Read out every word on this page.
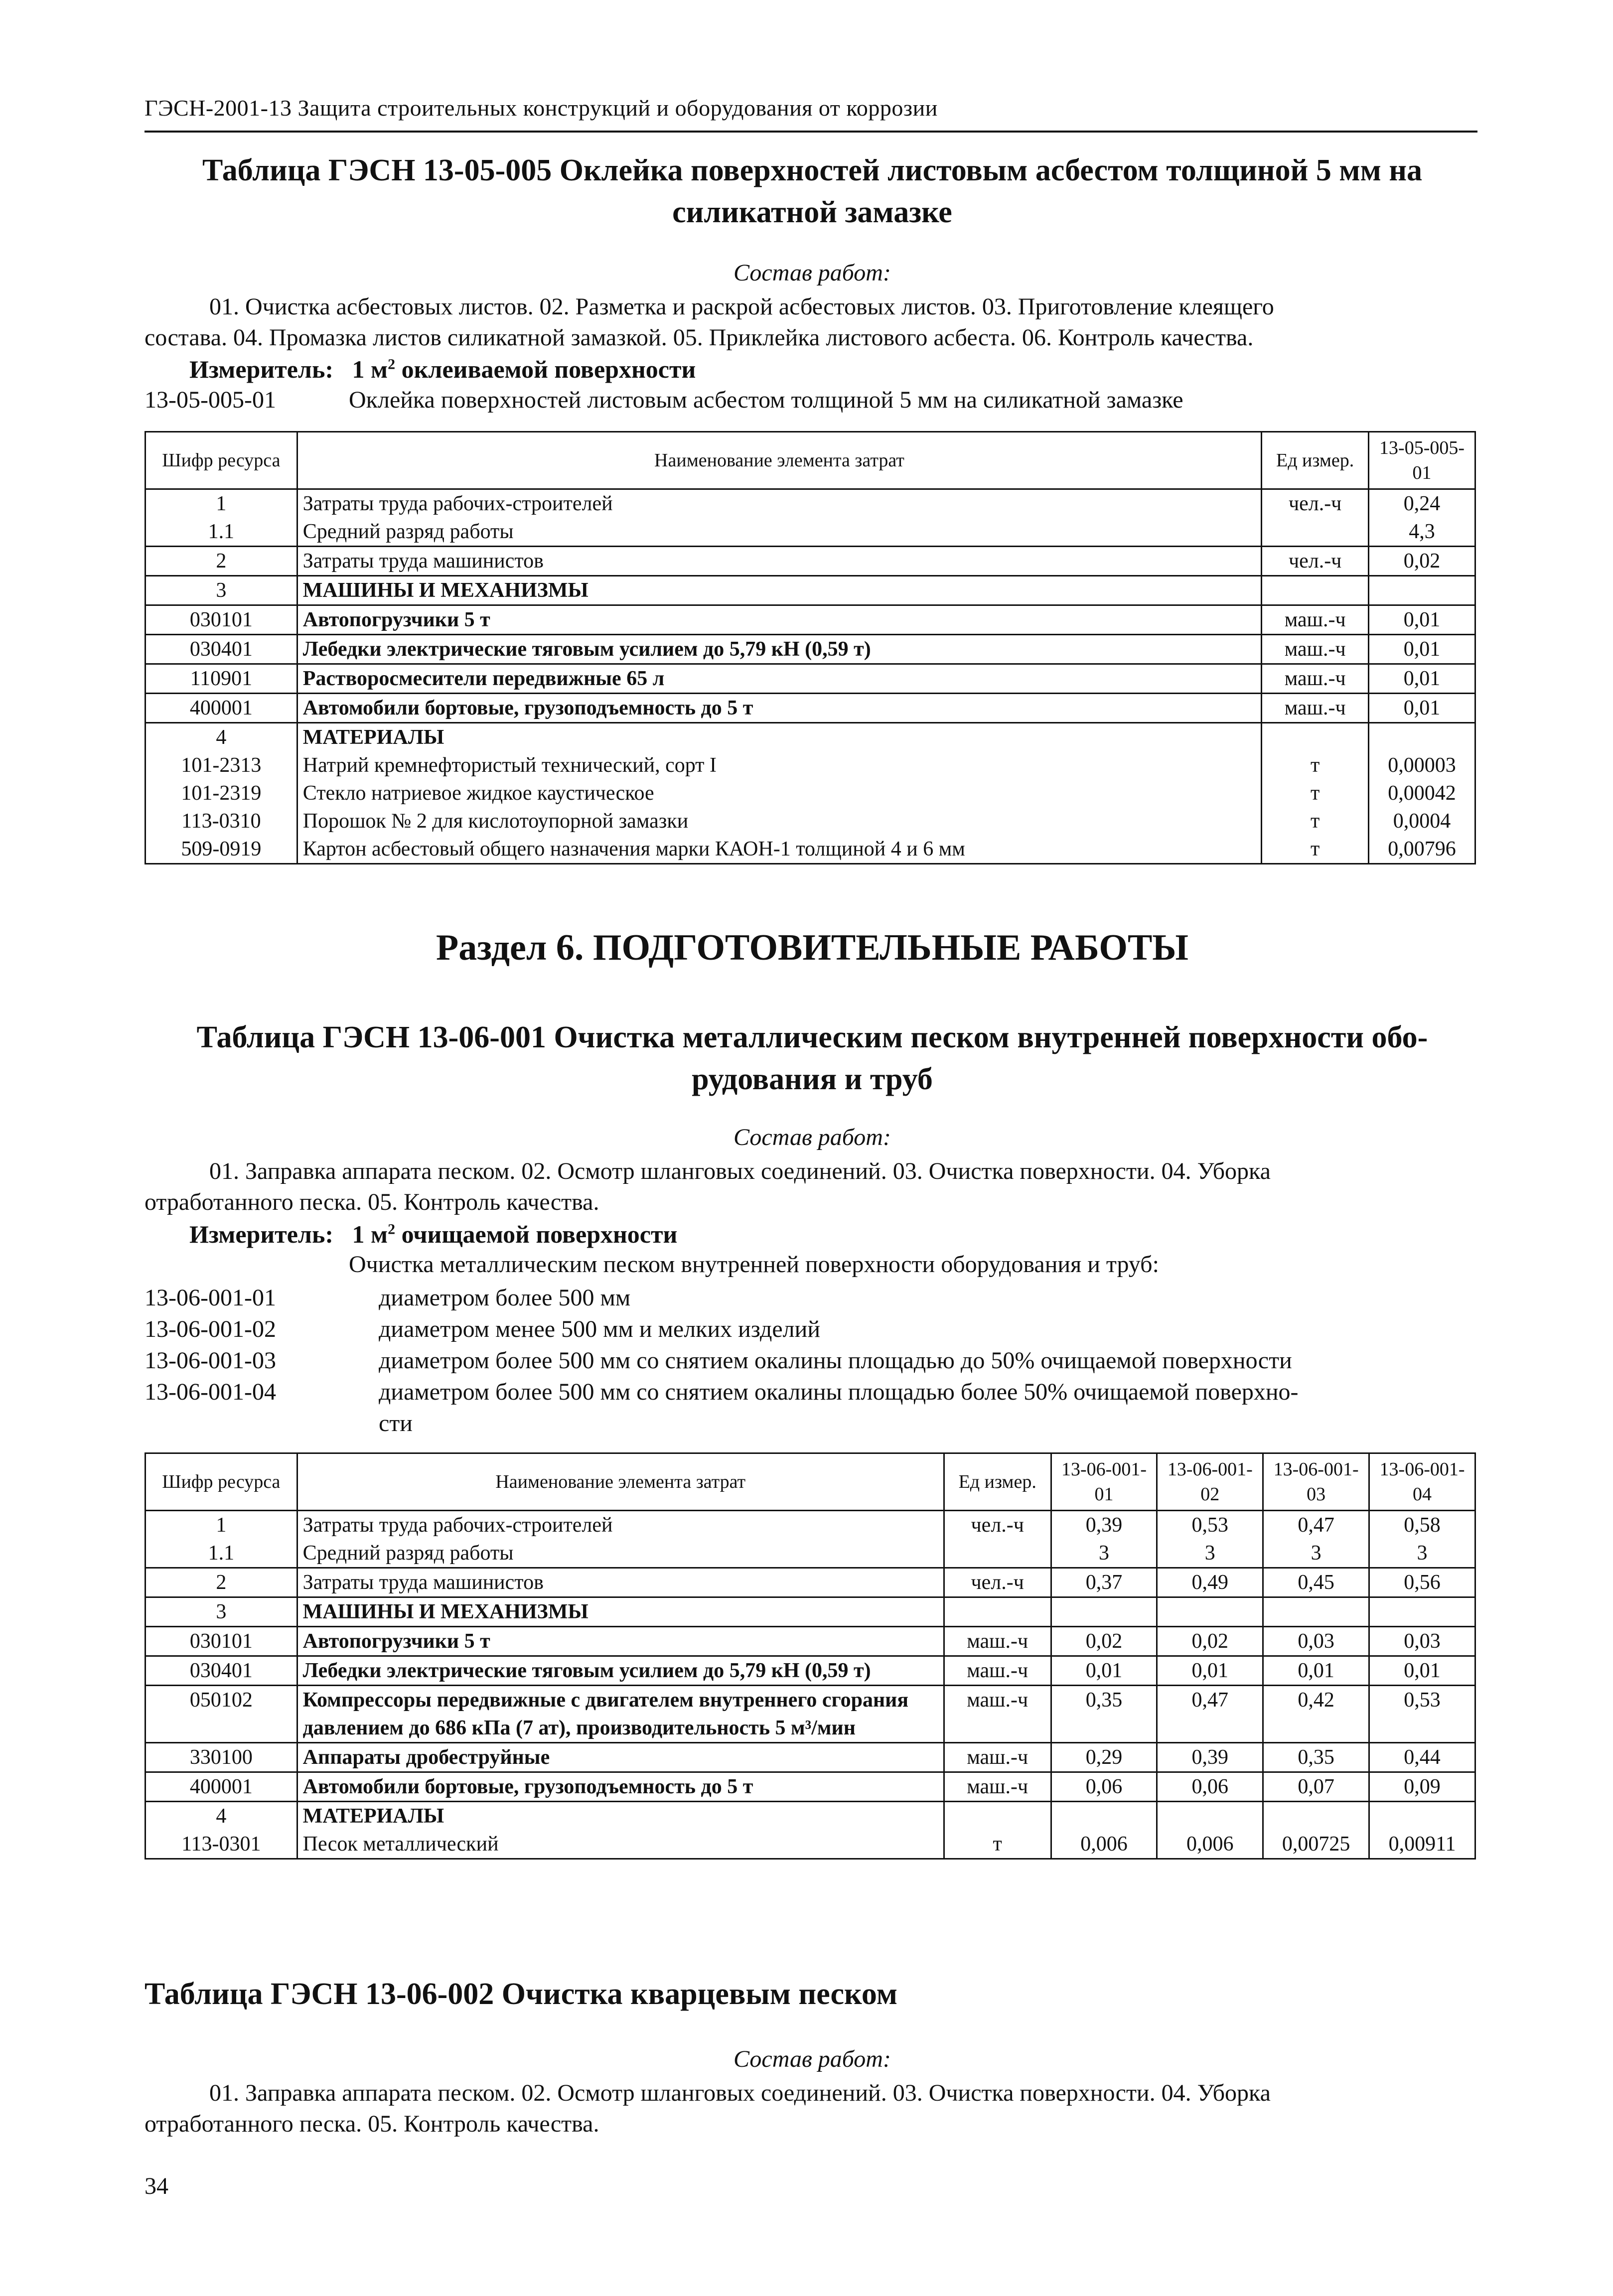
ГЭСН-2001-13 Защита строительных конструкций и оборудования от коррозии
Таблица ГЭСН 13-05-005 Оклейка поверхностей листовым асбестом толщиной 5 мм на
силикатной замазке
Состав работ:
01. Очистка асбестовых листов. 02. Разметка и раскрой асбестовых листов. 03. Приготовление клеящего
состава. 04. Промазка листов силикатной замазкой. 05. Приклейка листового асбеста. 06. Контроль качества.
Измеритель: 1 $м^2$ оклеиваемой поверхности
13-05-005-01	Оклейка поверхностей листовым асбестом толщиной 5 мм на силикатной замазке
Шифр ресурса	Наименование элемента затрат	Ед измер.	13-05-005-01
1	Затраты труда рабочих-строителей	чел.-ч	0,24
1.1	Средний разряд работы		4,3
2	Затраты труда машинистов	чел.-ч	0,02
3	МАШИНЫ И МЕХАНИЗМЫ		
030101	Автопогрузчики 5 т	маш.-ч	0,01
030401	Лебедки электрические тяговым усилием до 5,79 кН (0,59 т)	маш.-ч	0,01
110901	Растворосмесители передвижные 65 л	маш.-ч	0,01
400001	Автомобили бортовые, грузоподъемность до 5 т	маш.-ч	0,01
4	МАТЕРИАЛЫ		
101-2313	Натрий кремнефтористый технический, сорт I	т	0,00003
101-2319	Стекло натриевое жидкое каустическое	т	0,00042
113-0310	Порошок № 2 для кислотоупорной замазки	т	0,0004
509-0919	Картон асбестовый общего назначения марки КАОН-1 толщиной 4 и 6 мм	т	0,00796
Раздел 6. ПОДГОТОВИТЕЛЬНЫЕ РАБОТЫ
Таблица ГЭСН 13-06-001 Очистка металлическим песком внутренней поверхности обо-
рудования и труб
Состав работ:
01. Заправка аппарата песком. 02. Осмотр шланговых соединений. 03. Очистка поверхности. 04. Уборка
отработанного песка. 05. Контроль качества.
Измеритель: 1 $м^2$ очищаемой поверхности
Очистка металлическим песком внутренней поверхности оборудования и труб:
13-06-001-01	диаметром более 500 мм
13-06-001-02	диаметром менее 500 мм и мелких изделий
13-06-001-03	диаметром более 500 мм со снятием окалины площадью до 50% очищаемой поверхности
13-06-001-04	диаметром более 500 мм со снятием окалины площадью более 50% очищаемой поверхно-
сти
Шифр ресурса	Наименование элемента затрат	Ед измер.	13-06-001-01	13-06-001-02	13-06-001-03	13-06-001-04
1	Затраты труда рабочих-строителей	чел.-ч	0,39	0,53	0,47	0,58
1.1	Средний разряд работы		3	3	3	3
2	Затраты труда машинистов	чел.-ч	0,37	0,49	0,45	0,56
3	МАШИНЫ И МЕХАНИЗМЫ					
030101	Автопогрузчики 5 т	маш.-ч	0,02	0,02	0,03	0,03
030401	Лебедки электрические тяговым усилием до 5,79 кН (0,59 т)	маш.-ч	0,01	0,01	0,01	0,01
050102	Компрессоры передвижные с двигателем внутреннего сгорания давлением до 686 кПа (7 ат), производительность 5 м³/мин	маш.-ч	0,35	0,47	0,42	0,53
330100	Аппараты дробеструйные	маш.-ч	0,29	0,39	0,35	0,44
400001	Автомобили бортовые, грузоподъемность до 5 т	маш.-ч	0,06	0,06	0,07	0,09
4	МАТЕРИАЛЫ					
113-0301	Песок металлический	т	0,006	0,006	0,00725	0,00911
Таблица ГЭСН 13-06-002 Очистка кварцевым песком
Состав работ:
01. Заправка аппарата песком. 02. Осмотр шланговых соединений. 03. Очистка поверхности. 04. Уборка
отработанного песка. 05. Контроль качества.
34
